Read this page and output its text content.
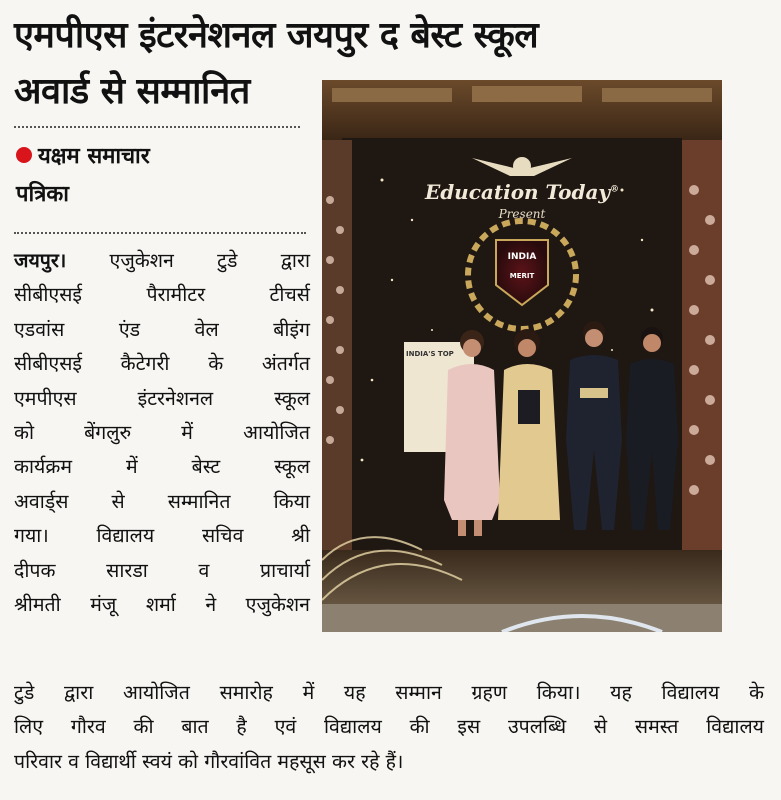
एमपीएस इंटरनेशनल जयपुर द बेस्ट स्कूल
अवार्ड से सम्मानित
यक्षम समाचार
पत्रिका
जयपुर। एजुकेशन टुडे द्वारा
सीबीएसई पैरामीटर टीचर्स
एडवांस एंड वेल बीइंग
सीबीएसई कैटेगरी के अंतर्गत
एमपीएस इंटरनेशनल स्कूल
को बेंगलुरु में आयोजित
कार्यक्रम में बेस्ट स्कूल
अवार्ड्स से सम्मानित किया
गया। विद्यालय सचिव श्री
दीपक सारडा व प्राचार्या
श्रीमती मंजू शर्मा ने एजुकेशन
टुडे द्वारा आयोजित समारोह में यह सम्मान ग्रहण किया। यह विद्यालय के
लिए गौरव की बात है एवं विद्यालय की इस उपलब्धि से समस्त विद्यालय
परिवार व विद्यार्थी स्वयं को गौरवांवित महसूस कर रहे हैं।
Education Today®
Present
INDIA
MERIT
INDIA'S TOP
